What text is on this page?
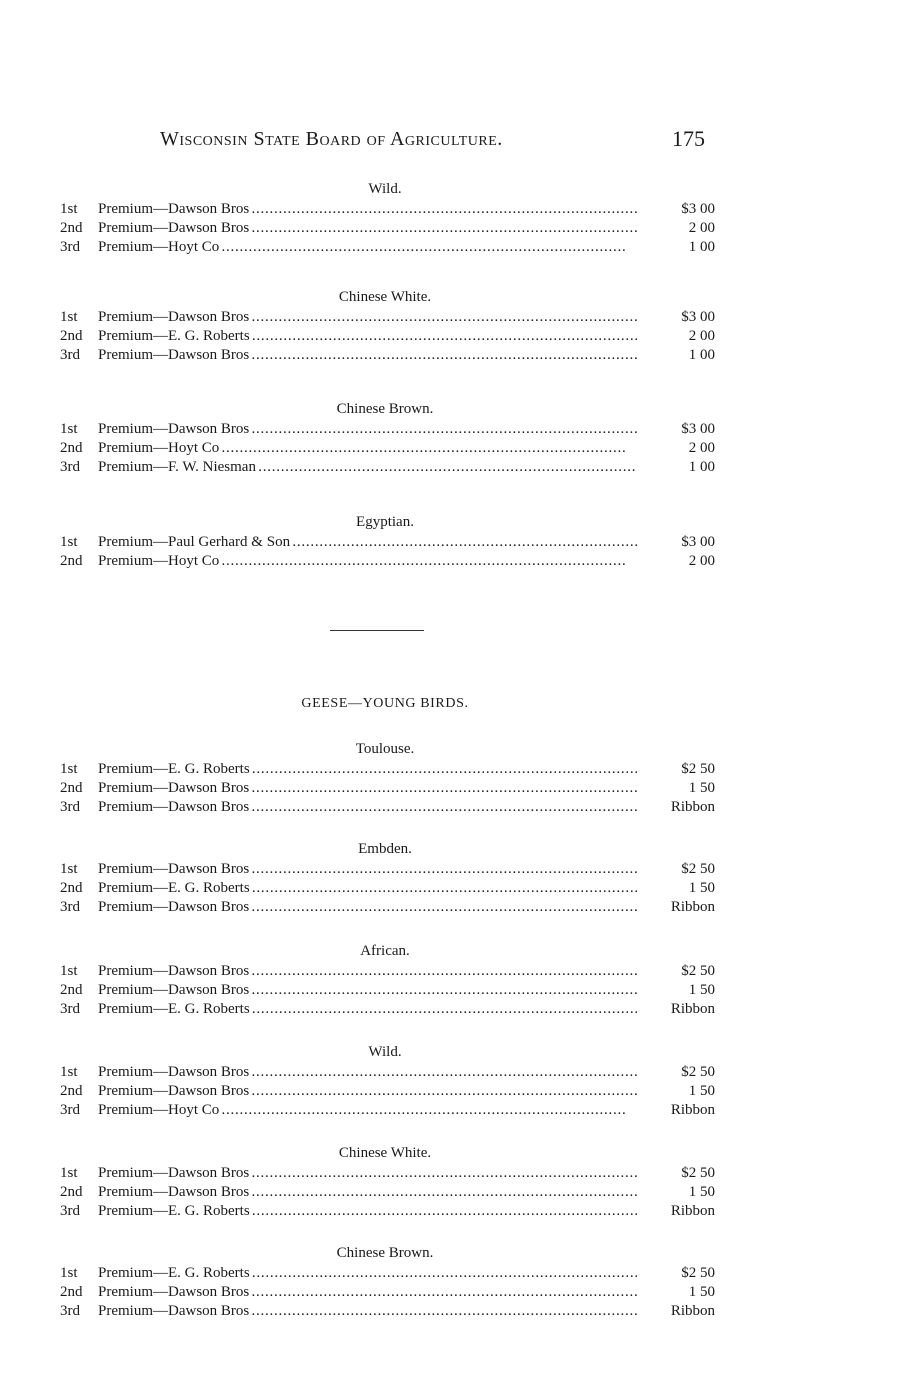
Wisconsin State Board of Agriculture.	175
Wild.
1st	Premium—Dawson Bros . . .	$3 00
2nd	Premium—Dawson Bros . . .	2 00
3rd	Premium—Hoyt Co . . .	1 00
Chinese White.
1st	Premium—Dawson Bros . . .	$3 00
2nd	Premium—E. G. Roberts . . .	2 00
3rd	Premium—Dawson Bros . . .	1 00
Chinese Brown.
1st	Premium—Dawson Bros . . .	$3 00
2nd	Premium—Hoyt Co . . .	2 00
3rd	Premium—F. W. Niesman . . .	1 00
Egyptian.
1st	Premium—Paul Gerhard & Son . . .	$3 00
2nd	Premium—Hoyt Co . . .	2 00
GEESE—YOUNG BIRDS.
Toulouse.
1st	Premium—E. G. Roberts . . .	$2 50
2nd	Premium—Dawson Bros . . .	1 50
3rd	Premium—Dawson Bros . . .	Ribbon
Embden.
1st	Premium—Dawson Bros . . .	$2 50
2nd	Premium—E. G. Roberts . . .	1 50
3rd	Premium—Dawson Bros . . .	Ribbon
African.
1st	Premium—Dawson Bros . . .	$2 50
2nd	Premium—Dawson Bros . . .	1 50
3rd	Premium—E. G. Roberts . . .	Ribbon
Wild.
1st	Premium—Dawson Bros . . .	$2 50
2nd	Premium—Dawson Bros . . .	1 50
3rd	Premium—Hoyt Co . . .	Ribbon
Chinese White.
1st	Premium—Dawson Bros . . .	$2 50
2nd	Premium—Dawson Bros . . .	1 50
3rd	Premium—E. G. Roberts . . .	Ribbon
Chinese Brown.
1st	Premium—E. G. Roberts . . .	$2 50
2nd	Premium—Dawson Bros . . .	1 50
3rd	Premium—Dawson Bros . . .	Ribbon
